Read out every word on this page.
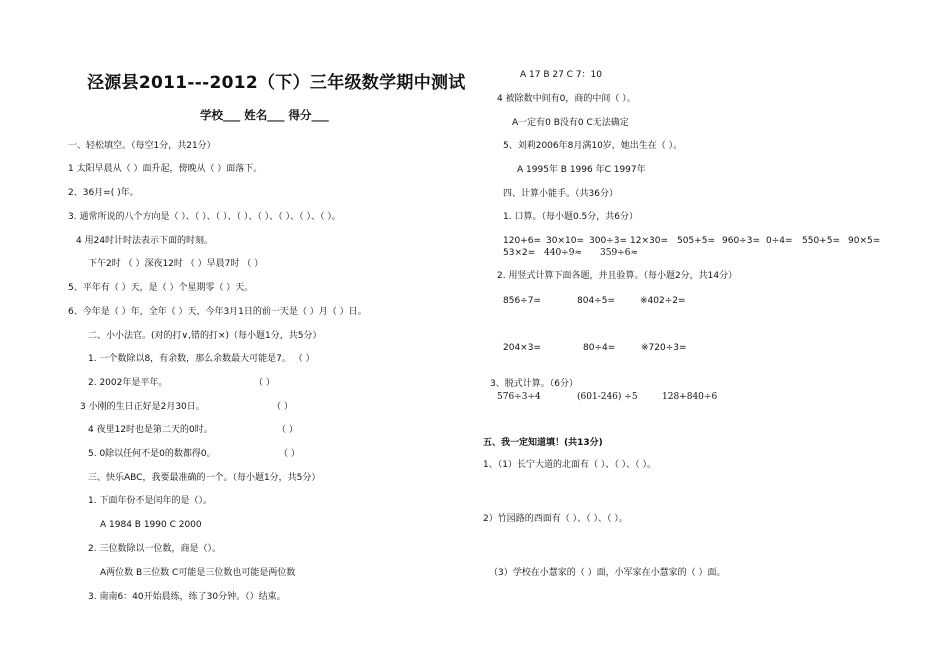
泾源县2011---2012（下）三年级数学期中测试
学校___ 姓名___ 得分___
一、轻松填空。（每空1分，共21分）
1 太阳早晨从（ ）面升起，傍晚从（ ）面落下。
2、36月=( )年。
3. 通常所说的八个方向是（ ）、（ ）、（ ）、（ ）、（ ）、（ ）、（ ）、（ ）。
4 用24时计时法表示下面的时刻。
下午2时 （ ）深夜12时 （ ）早晨7时 （ ）
5、平年有（ ）天，是（ ）个星期零（ ）天。
6、今年是（ ）年，全年（ ）天，今年3月1日的前一天是（ ）月（ ）日。
二、小小法官。(对的打∨,错的打×)（每小题1分，共5分）
1. 一个数除以8，有余数，那么余数最大可能是7。 （ ）
2. 2002年是平年。	（ ）
3 小刚的生日正好是2月30日。	（ ）
4 夜里12时也是第二天的0时。	（ ）
5. 0除以任何不是0的数都得0。	（ ）
三、快乐ABC，我要最准确的一个。（每小题1分，共5分）
1. 下面年份不是闰年的是（）。
A 1984 B 1990 C 2000
2. 三位数除以一位数，商是（）。
A两位数 B三位数 C可能是三位数也可能是两位数
3. 南南6：40开始晨练，练了30分钟。（）结束。
A 17 B 27 C 7：10
4 被除数中间有0，商的中间（ ）。
A一定有0 B没有0 C无法确定
5、刘莉2006年8月满10岁，她出生在（ ）。
A 1995年 B 1996 年C 1997年
四、计算小能手。（共36分）
1. 口算。（每小题0.5分，共6分）
120+6= 30×10= 300÷3= 12×30= 505+5= 960÷3= 0÷4= 550+5= 90×5=
53×2= 440÷9≈ 359÷6≈
2. 用竖式计算下面各题，并且验算。（每小题2分，共14分）
856÷7=	804÷5=	※402÷2=
204×3=	80÷4=	※720÷3=
3、脱式计算。（6分）
576÷3÷4	(601-246) ÷5	128+840÷6
五、我一定知道填！(共13分)
1、（1）长宁大道的北面有（ ）、（ ）、（ ）。
2）竹园路的西面有（ ）、（ ）、（ ）。
（3）学校在小慧家的（ ）面，小军家在小慧家的（ ）面。
